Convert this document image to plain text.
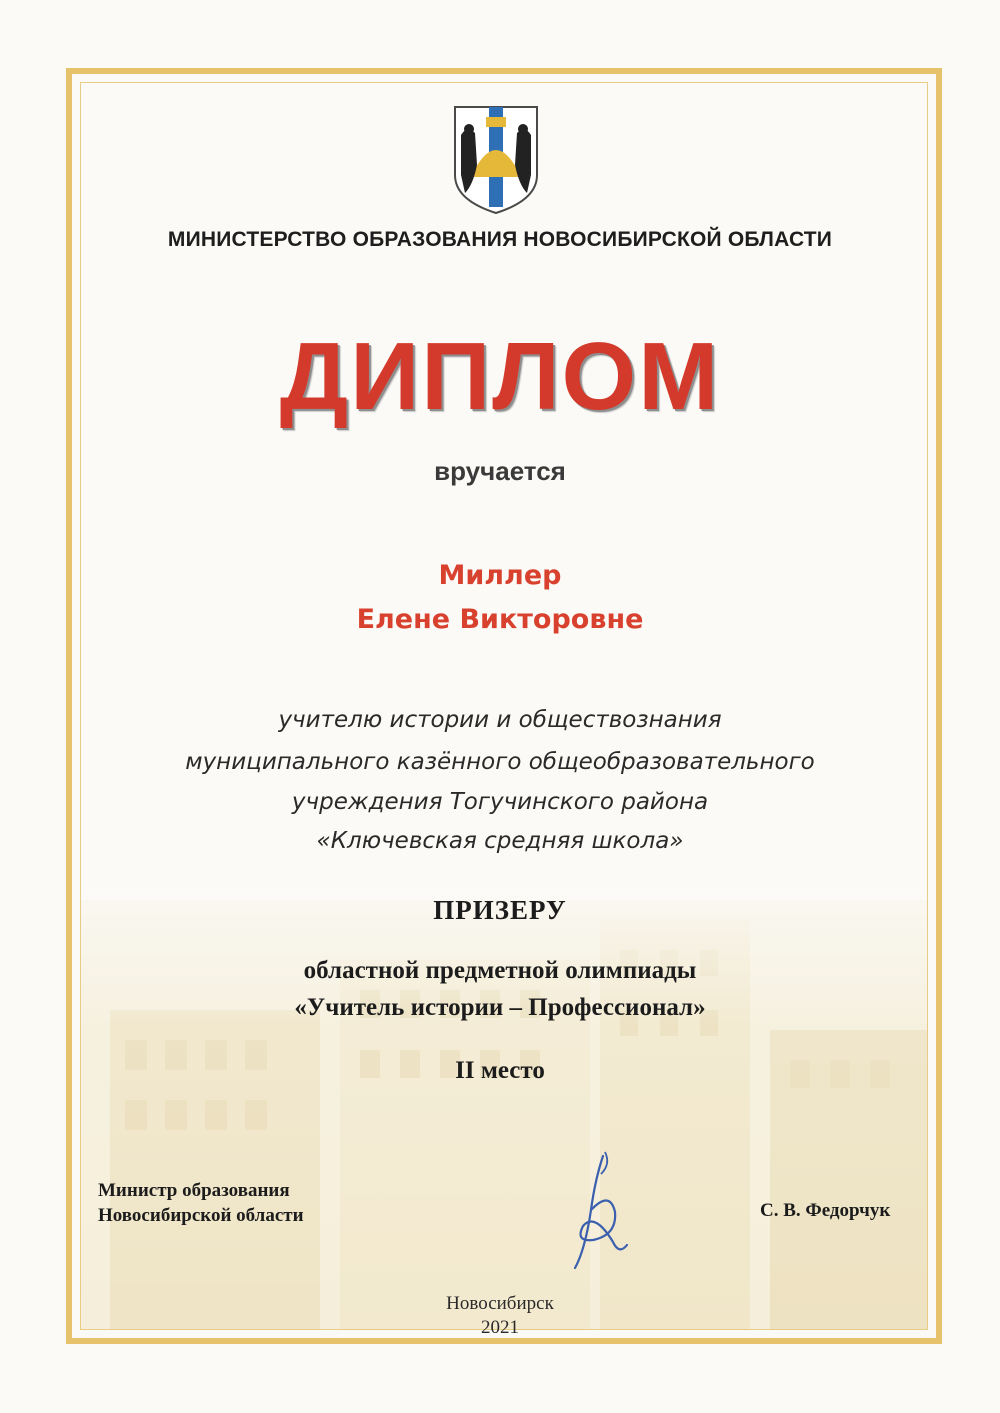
МИНИСТЕРСТВО ОБРАЗОВАНИЯ НОВОСИБИРСКОЙ ОБЛАСТИ
ДИПЛОМ
вручается
Миллер
Елене Викторовне
учителю истории и обществознания
муниципального казённого общеобразовательного
учреждения Тогучинского района
«Ключевская средняя школа»
ПРИЗЕРУ
областной предметной олимпиады
«Учитель истории – Профессионал»
II место
Министр образования
Новосибирской области	С. В. Федорчук
Новосибирск
2021
